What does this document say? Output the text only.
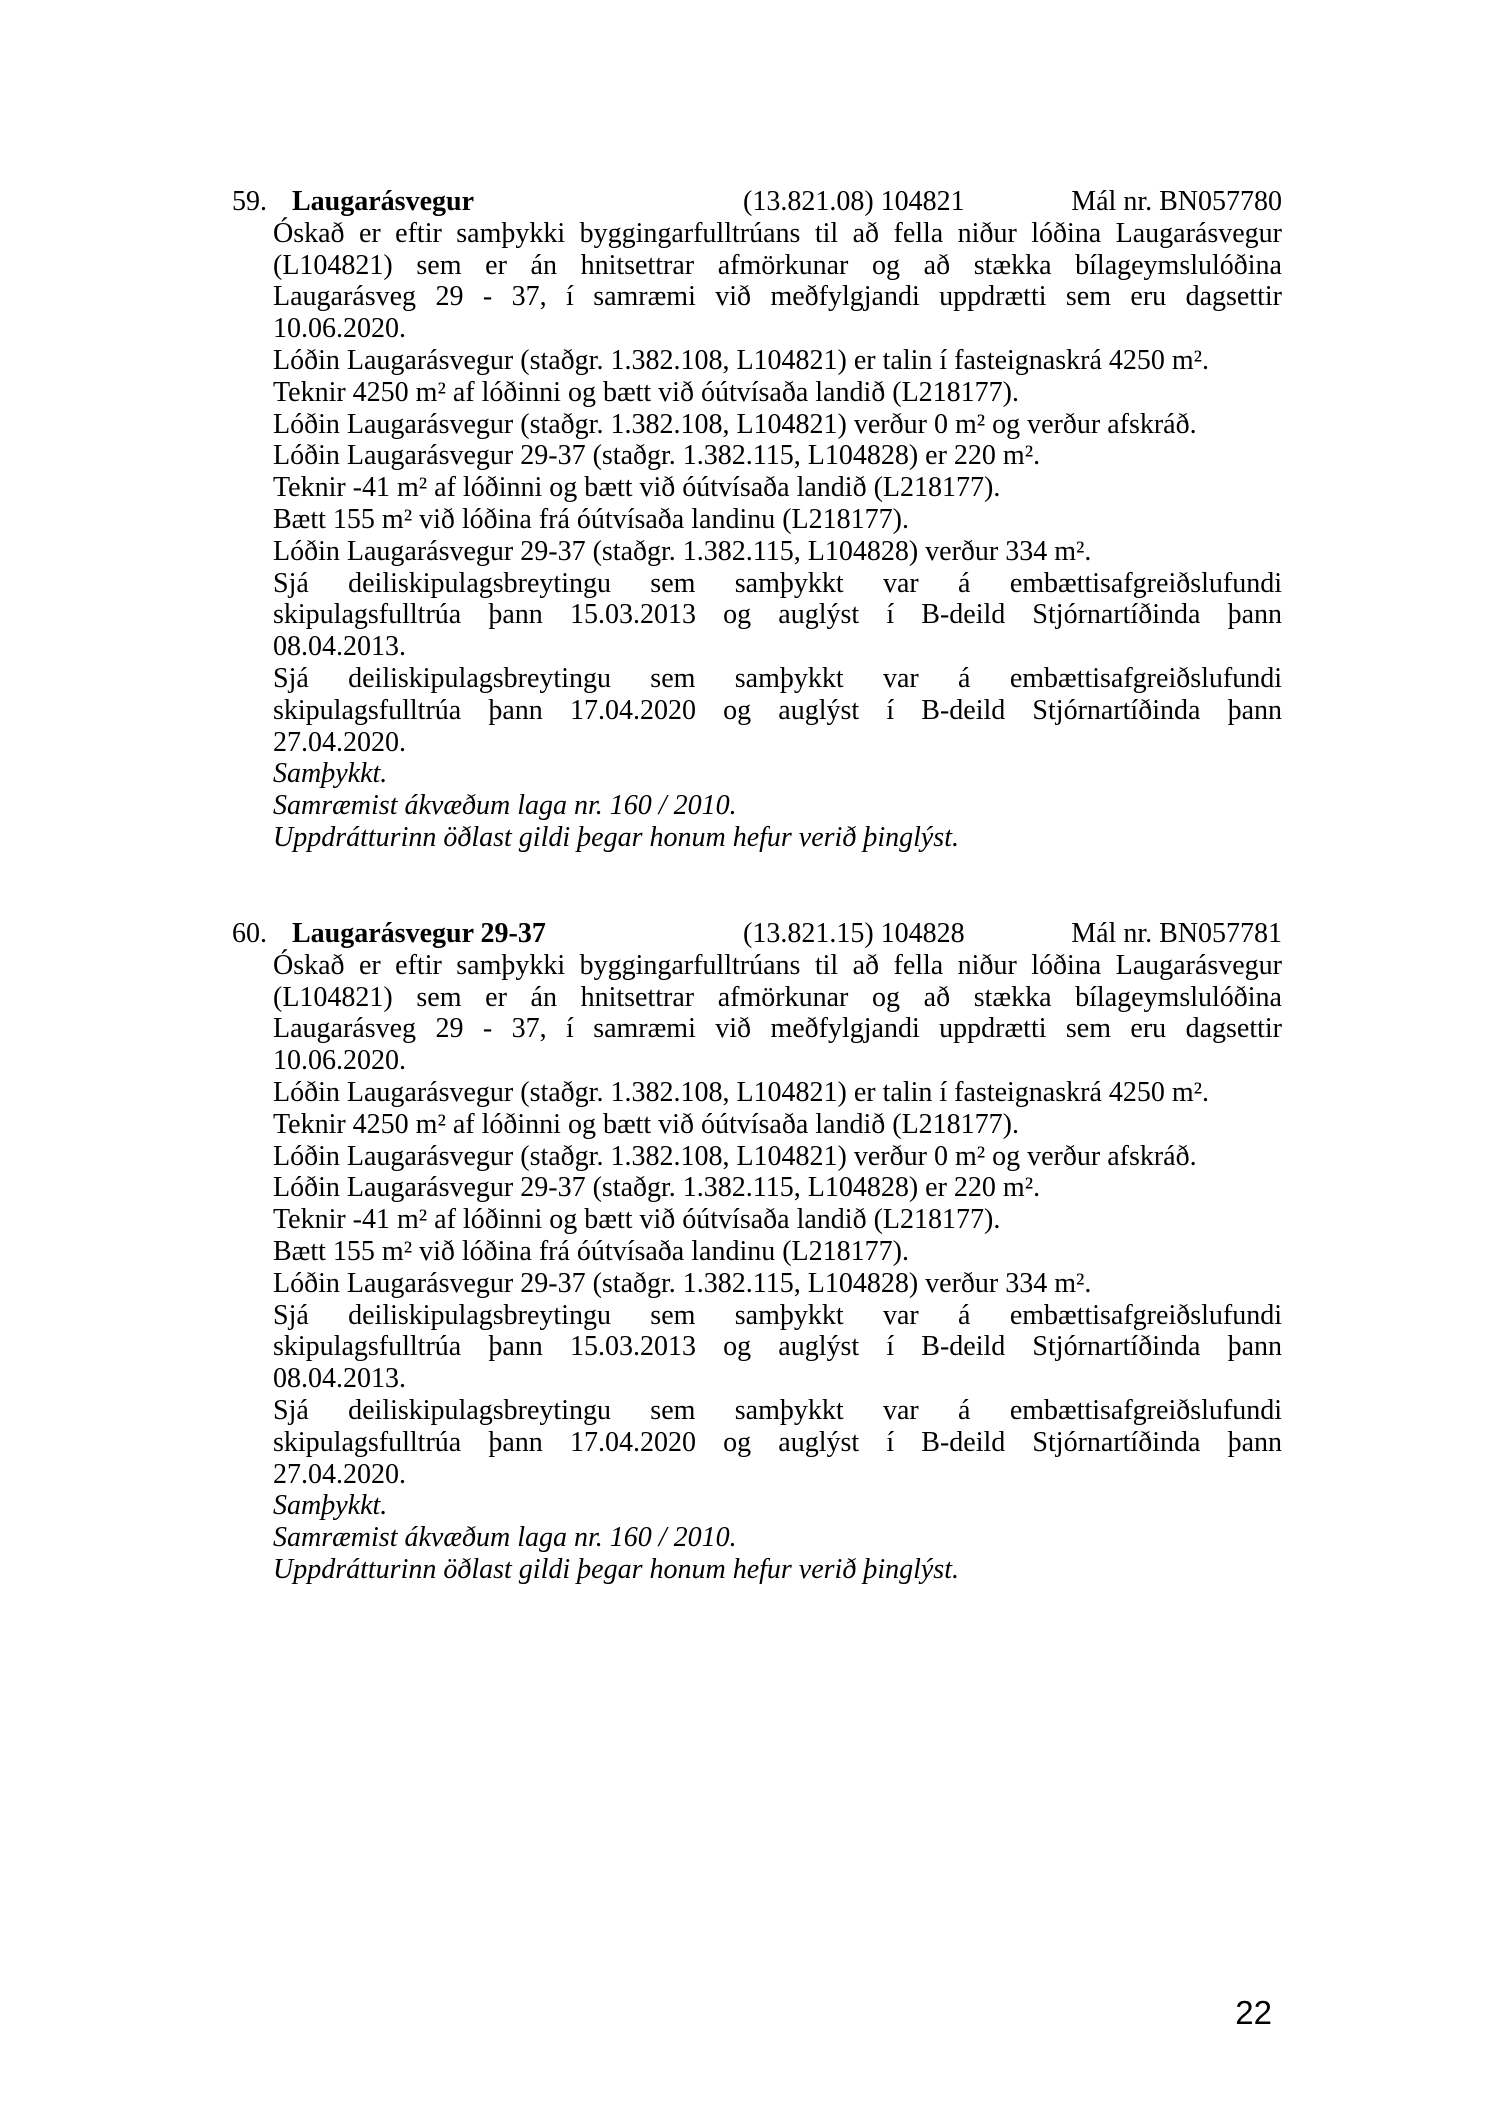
59. Laugarásvegur	(13.821.08) 104821	Mál nr. BN057780
Óskað er eftir samþykki byggingarfulltrúans til að fella niður lóðina Laugarásvegur
(L104821) sem er án hnitsettrar afmörkunar og að stækka bílageymslulóðina
Laugarásveg 29 - 37, í samræmi við meðfylgjandi uppdrætti sem eru dagsettir
10.06.2020.
Lóðin Laugarásvegur (staðgr. 1.382.108, L104821) er talin í fasteignaskrá 4250 m².
Teknir 4250 m² af lóðinni og bætt við óútvísaða landið (L218177).
Lóðin Laugarásvegur (staðgr. 1.382.108, L104821) verður 0 m² og verður afskráð.
Lóðin Laugarásvegur 29-37 (staðgr. 1.382.115, L104828) er 220 m².
Teknir -41 m² af lóðinni og bætt við óútvísaða landið (L218177).
Bætt 155 m² við lóðina frá óútvísaða landinu (L218177).
Lóðin Laugarásvegur 29-37 (staðgr. 1.382.115, L104828) verður 334 m².
Sjá deiliskipulagsbreytingu sem samþykkt var á embættisafgreiðslufundi
skipulagsfulltrúa þann 15.03.2013 og auglýst í B-deild Stjórnartíðinda þann
08.04.2013.
Sjá deiliskipulagsbreytingu sem samþykkt var á embættisafgreiðslufundi
skipulagsfulltrúa þann 17.04.2020 og auglýst í B-deild Stjórnartíðinda þann
27.04.2020.
Samþykkt.
Samræmist ákvæðum laga nr. 160 / 2010.
Uppdrátturinn öðlast gildi þegar honum hefur verið þinglýst.
60. Laugarásvegur 29-37	(13.821.15) 104828	Mál nr. BN057781
Óskað er eftir samþykki byggingarfulltrúans til að fella niður lóðina Laugarásvegur
(L104821) sem er án hnitsettrar afmörkunar og að stækka bílageymslulóðina
Laugarásveg 29 - 37, í samræmi við meðfylgjandi uppdrætti sem eru dagsettir
10.06.2020.
Lóðin Laugarásvegur (staðgr. 1.382.108, L104821) er talin í fasteignaskrá 4250 m².
Teknir 4250 m² af lóðinni og bætt við óútvísaða landið (L218177).
Lóðin Laugarásvegur (staðgr. 1.382.108, L104821) verður 0 m² og verður afskráð.
Lóðin Laugarásvegur 29-37 (staðgr. 1.382.115, L104828) er 220 m².
Teknir -41 m² af lóðinni og bætt við óútvísaða landið (L218177).
Bætt 155 m² við lóðina frá óútvísaða landinu (L218177).
Lóðin Laugarásvegur 29-37 (staðgr. 1.382.115, L104828) verður 334 m².
Sjá deiliskipulagsbreytingu sem samþykkt var á embættisafgreiðslufundi
skipulagsfulltrúa þann 15.03.2013 og auglýst í B-deild Stjórnartíðinda þann
08.04.2013.
Sjá deiliskipulagsbreytingu sem samþykkt var á embættisafgreiðslufundi
skipulagsfulltrúa þann 17.04.2020 og auglýst í B-deild Stjórnartíðinda þann
27.04.2020.
Samþykkt.
Samræmist ákvæðum laga nr. 160 / 2010.
Uppdrátturinn öðlast gildi þegar honum hefur verið þinglýst.
22
